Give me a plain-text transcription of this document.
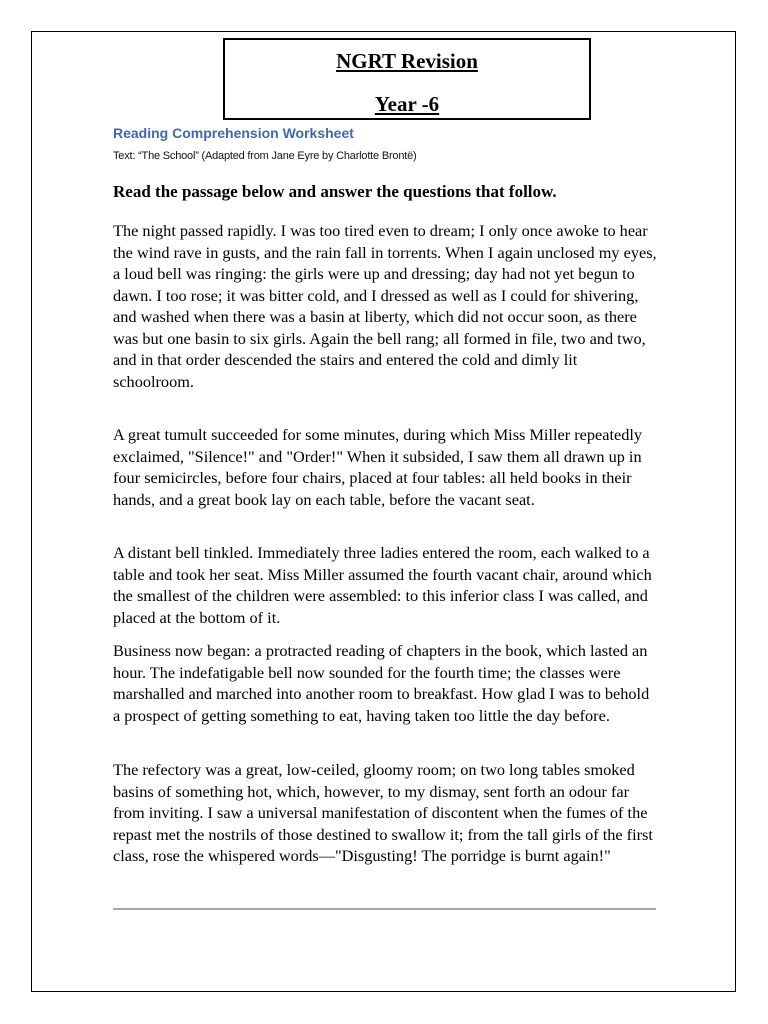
NGRT Revision
Year -6
Reading Comprehension Worksheet
Text: “The School” (Adapted from Jane Eyre by Charlotte Brontë)
Read the passage below and answer the questions that follow.

The night passed rapidly. I was too tired even to dream; I only once awoke to hear the wind rave in gusts, and the rain fall in torrents. When I again unclosed my eyes, a loud bell was ringing: the girls were up and dressing; day had not yet begun to dawn. I too rose; it was bitter cold, and I dressed as well as I could for shivering, and washed when there was a basin at liberty, which did not occur soon, as there was but one basin to six girls. Again the bell rang; all formed in file, two and two, and in that order descended the stairs and entered the cold and dimly lit schoolroom.

A great tumult succeeded for some minutes, during which Miss Miller repeatedly exclaimed, "Silence!" and "Order!" When it subsided, I saw them all drawn up in four semicircles, before four chairs, placed at four tables: all held books in their hands, and a great book lay on each table, before the vacant seat.

A distant bell tinkled. Immediately three ladies entered the room, each walked to a table and took her seat. Miss Miller assumed the fourth vacant chair, around which the smallest of the children were assembled: to this inferior class I was called, and placed at the bottom of it.

Business now began: a protracted reading of chapters in the book, which lasted an hour. The indefatigable bell now sounded for the fourth time; the classes were marshalled and marched into another room to breakfast. How glad I was to behold a prospect of getting something to eat, having taken too little the day before.

The refectory was a great, low-ceiled, gloomy room; on two long tables smoked basins of something hot, which, however, to my dismay, sent forth an odour far from inviting. I saw a universal manifestation of discontent when the fumes of the repast met the nostrils of those destined to swallow it; from the tall girls of the first class, rose the whispered words—"Disgusting! The porridge is burnt again!"
